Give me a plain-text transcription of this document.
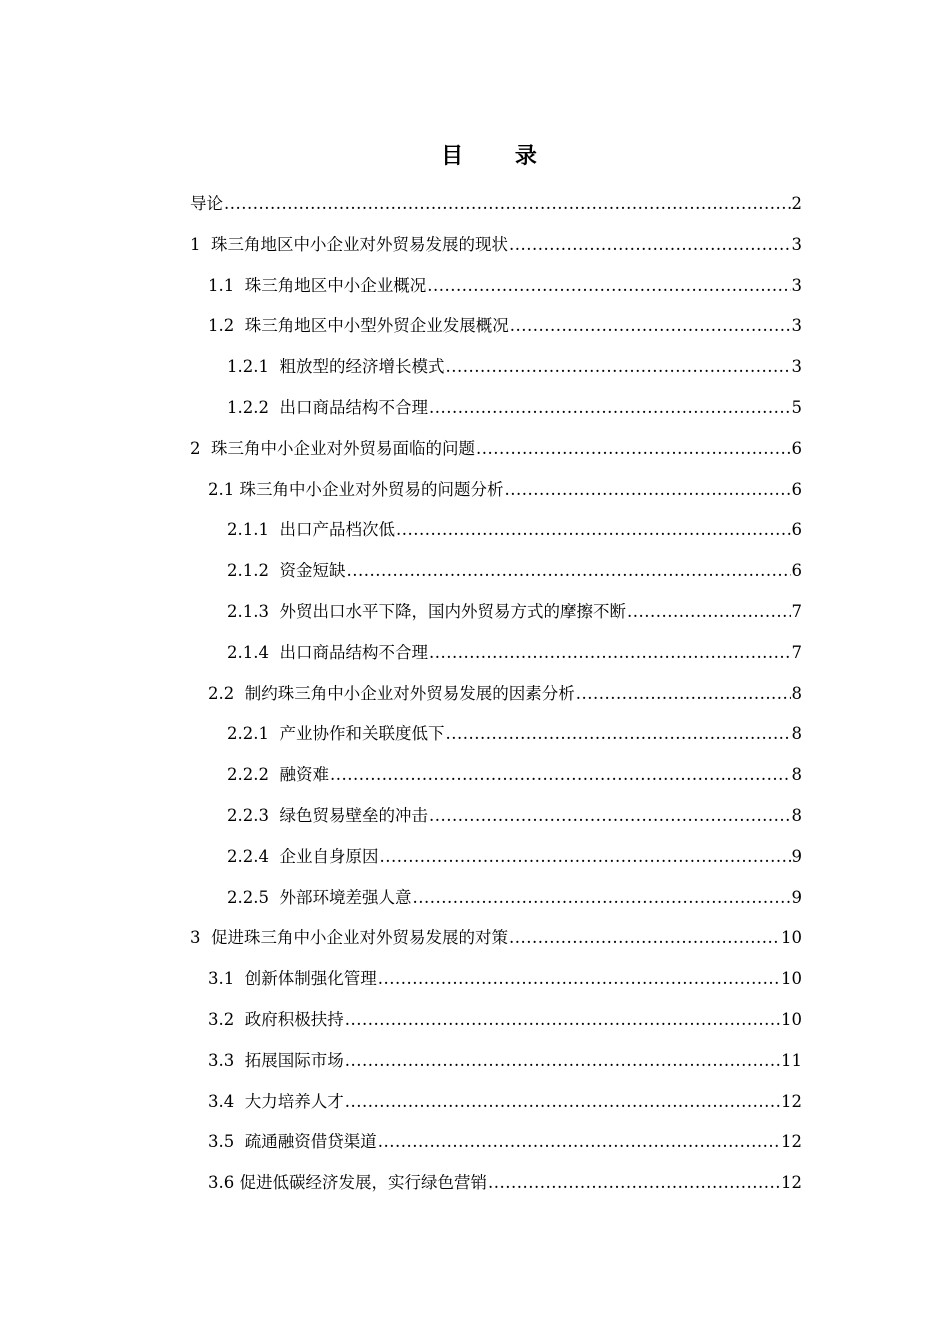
目 录
导论 .....	2
1  珠三角地区中小企业对外贸易发展的现状 .....	3
1.1  珠三角地区中小企业概况 .....	3
1.2  珠三角地区中小型外贸企业发展概况 .....	3
1.2.1  粗放型的经济增长模式 .....	3
1.2.2  出口商品结构不合理 .....	5
2  珠三角中小企业对外贸易面临的问题 .....	6
2.1 珠三角中小企业对外贸易的问题分析 .....	6
2.1.1  出口产品档次低 .....	6
2.1.2  资金短缺 .....	6
2.1.3  外贸出口水平下降，国内外贸易方式的摩擦不断 .....	7
2.1.4  出口商品结构不合理 .....	7
2.2  制约珠三角中小企业对外贸易发展的因素分析 .....	8
2.2.1  产业协作和关联度低下 .....	8
2.2.2  融资难 .....	8
2.2.3  绿色贸易壁垒的冲击 .....	8
2.2.4  企业自身原因 .....	9
2.2.5  外部环境差强人意 .....	9
3  促进珠三角中小企业对外贸易发展的对策 .....	10
3.1  创新体制强化管理 .....	10
3.2  政府积极扶持 .....	10
3.3  拓展国际市场 .....	11
3.4  大力培养人才 .....	12
3.5  疏通融资借贷渠道 .....	12
3.6 促进低碳经济发展，实行绿色营销 .....	12
